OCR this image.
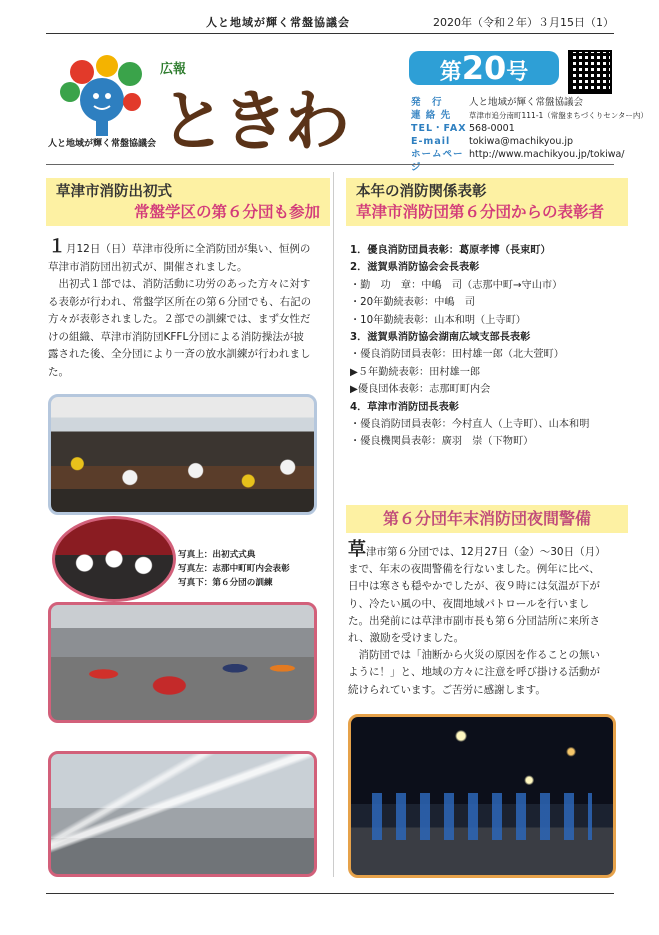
人と地域が輝く常盤協議会	2020年（令和２年）３月15日（1）
人と地域が輝く常盤協議会
広報
ときわ
第20号
発　行	人と地域が輝く常盤協議会
連 絡 先	草津市追分南町111-1（常盤まちづくりセンター内）
TEL・FAX 568-0001
E-mail	tokiwa@machikyou.jp
ホームページ
http://www.machikyou.jp/tokiwa/
草津市消防出初式
常盤学区の第６分団も参加

１月12日（日）草津市役所に全消防団が集い、恒例の草津市消防団出初式が、開催されました。

出初式１部では、消防活動に功労のあった方々に対する表彰が行われ、常盤学区所在の第６分団でも、右記の方々が表彰されました。２部での訓練では、まず女性だけの組織、草津市消防団KFFL分団による消防操法が披露された後、全分団により一斉の放水訓練が行われました。

写真上：出初式式典
写真左：志那中町町内会表彰
写真下：第６分団の訓練
本年の消防関係表彰
草津市消防団第６分団からの表彰者
1．優良消防団員表彰：葛原孝博（長束町）
2．滋賀県消防協会会長表彰
・勤　功　章：中嶋　司（志那中町→守山市）
・20年勤続表彰：中嶋　司
・10年勤続表彰：山本和明（上寺町）
3．滋賀県消防協会湖南広域支部長表彰
・優良消防団員表彰：田村雄一郎（北大萱町）
▶５年勤続表彰：田村雄一郎
▶優良団体表彰：志那町町内会
4．草津市消防団長表彰
・優良消防団員表彰：今村直人（上寺町）、山本和明
・優良機関員表彰：廣羽　崇（下物町）
第６分団年末消防団夜間警備

草津市第６分団では、12月27日（金）〜30日（月）まで、年末の夜間警備を行ないました。例年に比べ、日中は寒さも穏やかでしたが、夜９時には気温が下がり、冷たい風の中、夜間地域パトロールを行いました。出発前には草津市副市長も第６分団詰所に来所され、激励を受けました。

消防団では「油断から火災の原因を作ることの無いように！」と、地域の方々に注意を呼び掛ける活動が続けられています。ご苦労に感謝します。
